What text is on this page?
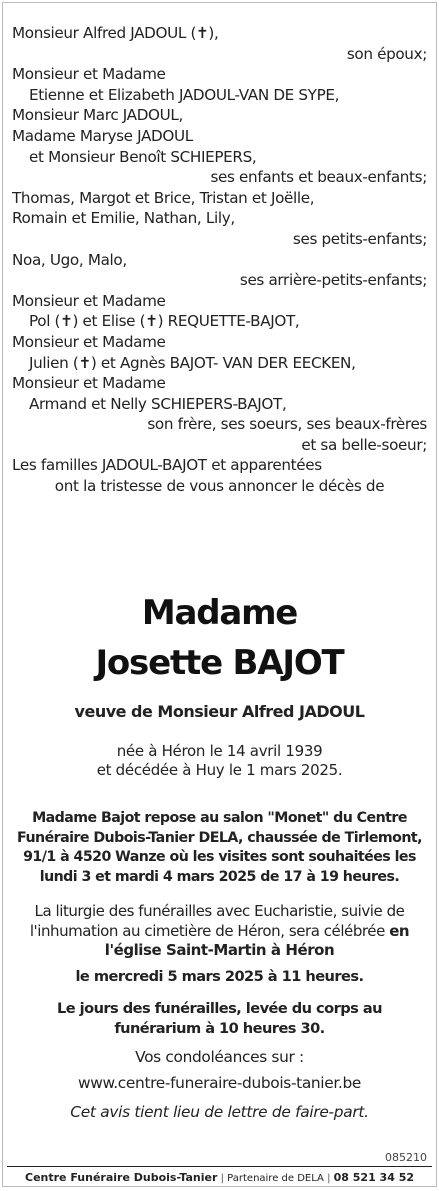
Monsieur Alfred JADOUL (✝),
son époux;
Monsieur et Madame
Etienne et Elizabeth JADOUL-VAN DE SYPE,
Monsieur Marc JADOUL,
Madame Maryse JADOUL
et Monsieur Benoît SCHIEPERS,
ses enfants et beaux-enfants;
Thomas, Margot et Brice, Tristan et Joëlle,
Romain et Emilie, Nathan, Lily,
ses petits-enfants;
Noa, Ugo, Malo,
ses arrière-petits-enfants;
Monsieur et Madame
Pol (✝) et Elise (✝) REQUETTE-BAJOT,
Monsieur et Madame
Julien (✝) et Agnès BAJOT- VAN DER EECKEN,
Monsieur et Madame
Armand et Nelly SCHIEPERS-BAJOT,
son frère, ses soeurs, ses beaux-frères
et sa belle-soeur;
Les familles JADOUL-BAJOT et apparentées
ont la tristesse de vous annoncer le décès de
Madame
Josette BAJOT
veuve de Monsieur Alfred JADOUL
née à Héron le 14 avril 1939
et décédée à Huy le 1 mars 2025.
Madame Bajot repose au salon "Monet" du Centre Funéraire Dubois-Tanier DELA, chaussée de Tirlemont, 91/1 à 4520 Wanze où les visites sont souhaitées les lundi 3 et mardi 4 mars 2025 de 17 à 19 heures.
La liturgie des funérailles avec Eucharistie, suivie de l'inhumation au cimetière de Héron, sera célébrée en l'église Saint-Martin à Héron
le mercredi 5 mars 2025 à 11 heures.
Le jours des funérailles, levée du corps au funérarium à 10 heures 30.
Vos condoléances sur :
www.centre-funeraire-dubois-tanier.be
Cet avis tient lieu de lettre de faire-part.
085210
Centre Funéraire Dubois-Tanier | Partenaire de DELA | 08 521 34 52
